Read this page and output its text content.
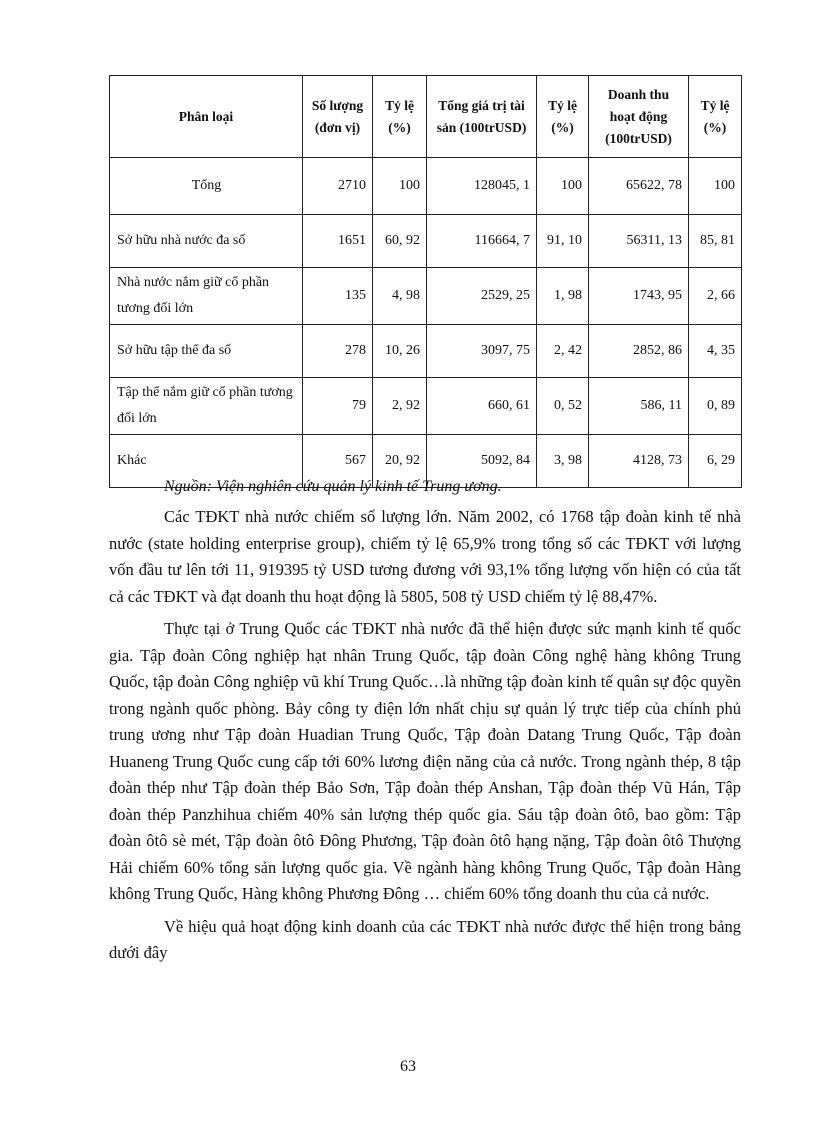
Phân loại	Số lượng (đơn vị)	Tỷ lệ (%)	Tổng giá trị tài sản (100trUSD)	Tỷ lệ (%)	Doanh thu hoạt động (100trUSD)	Tỷ lệ (%)
Tổng	2710	100	128045, 1	100	65622, 78	100
Sở hữu nhà nước đa số	1651	60, 92	116664, 7	91, 10	56311, 13	85, 81
Nhà nước nắm giữ cổ phần tương đối lớn	135	4, 98	2529, 25	1, 98	1743, 95	2, 66
Sở hữu tập thể đa số	278	10, 26	3097, 75	2, 42	2852, 86	4, 35
Tập thể nắm giữ cổ phần tương đối lớn	79	2, 92	660, 61	0, 52	586, 11	0, 89
Khác	567	20, 92	5092, 84	3, 98	4128, 73	6, 29
Nguồn: Viện nghiên cứu quản lý kinh tế Trung ương.

Các TĐKT nhà nước chiếm số lượng lớn. Năm 2002, có 1768 tập đoàn kinh tế nhà nước (state holding enterprise group), chiếm tỷ lệ 65,9% trong tổng số các TĐKT với lượng vốn đầu tư lên tới 11, 919395 tỷ USD tương đương với 93,1% tổng lượng vốn hiện có của tất cả các TĐKT và đạt doanh thu hoạt động là 5805, 508 tỷ USD chiếm tỷ lệ 88,47%.

Thực tại ở Trung Quốc các TĐKT nhà nước đã thể hiện được sức mạnh kinh tế quốc gia. Tập đoàn Công nghiệp hạt nhân Trung Quốc, tập đoàn Công nghệ hàng không Trung Quốc, tập đoàn Công nghiệp vũ khí Trung Quốc…là những tập đoàn kinh tế quân sự độc quyền trong ngành quốc phòng. Bảy công ty điện lớn nhất chịu sự quản lý trực tiếp của chính phủ trung ương như Tập đoàn Huadian Trung Quốc, Tập đoàn Datang Trung Quốc, Tập đoàn Huaneng Trung Quốc cung cấp tới 60% lương điện năng của cả nước. Trong ngành thép, 8 tập đoàn thép như Tập đoàn thép Bảo Sơn, Tập đoàn thép Anshan, Tập đoàn thép Vũ Hán, Tập đoàn thép Panzhihua chiếm 40% sản lượng thép quốc gia. Sáu tập đoàn ôtô, bao gồm: Tập đoàn ôtô sè mét, Tập đoàn ôtô Đông Phương, Tập đoàn ôtô hạng nặng, Tập đoàn ôtô Thượng Hải chiếm 60% tổng sản lượng quốc gia. Về ngành hàng không Trung Quốc, Tập đoàn Hàng không Trung Quốc, Hàng không Phương Đông … chiếm 60% tổng doanh thu của cả nước.

Về hiệu quả hoạt động kinh doanh của các TĐKT nhà nước được thể hiện trong bảng dưới đây

63
